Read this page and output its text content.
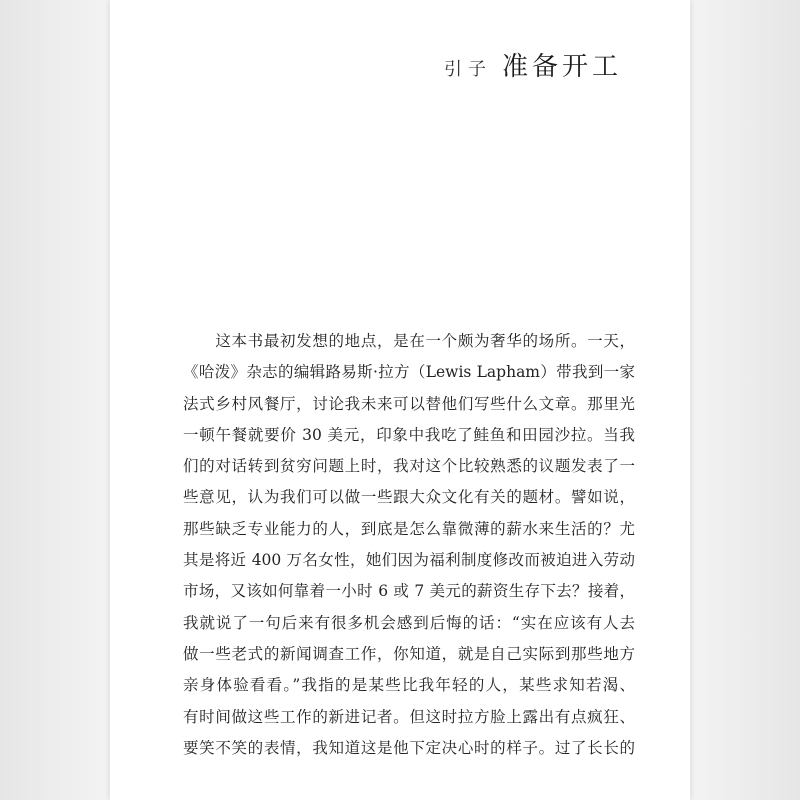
引子 准备开工
　　这本书最初发想的地点，是在一个颇为奢华的场所。一天，
《哈泼》杂志的编辑路易斯·拉方（Lewis Lapham）带我到一家
法式乡村风餐厅，讨论我未来可以替他们写些什么文章。那里光
一顿午餐就要价 30 美元，印象中我吃了鲑鱼和田园沙拉。当我
们的对话转到贫穷问题上时，我对这个比较熟悉的议题发表了一
些意见，认为我们可以做一些跟大众文化有关的题材。譬如说，
那些缺乏专业能力的人，到底是怎么靠微薄的薪水来生活的？尤
其是将近 400 万名女性，她们因为福利制度修改而被迫进入劳动
市场，又该如何靠着一小时 6 或 7 美元的薪资生存下去？接着，
我就说了一句后来有很多机会感到后悔的话：“实在应该有人去
做一些老式的新闻调查工作，你知道，就是自己实际到那些地方
亲身体验看看。”我指的是某些比我年轻的人，某些求知若渴、
有时间做这些工作的新进记者。但这时拉方脸上露出有点疯狂、
要笑不笑的表情，我知道这是他下定决心时的样子。过了长长的
